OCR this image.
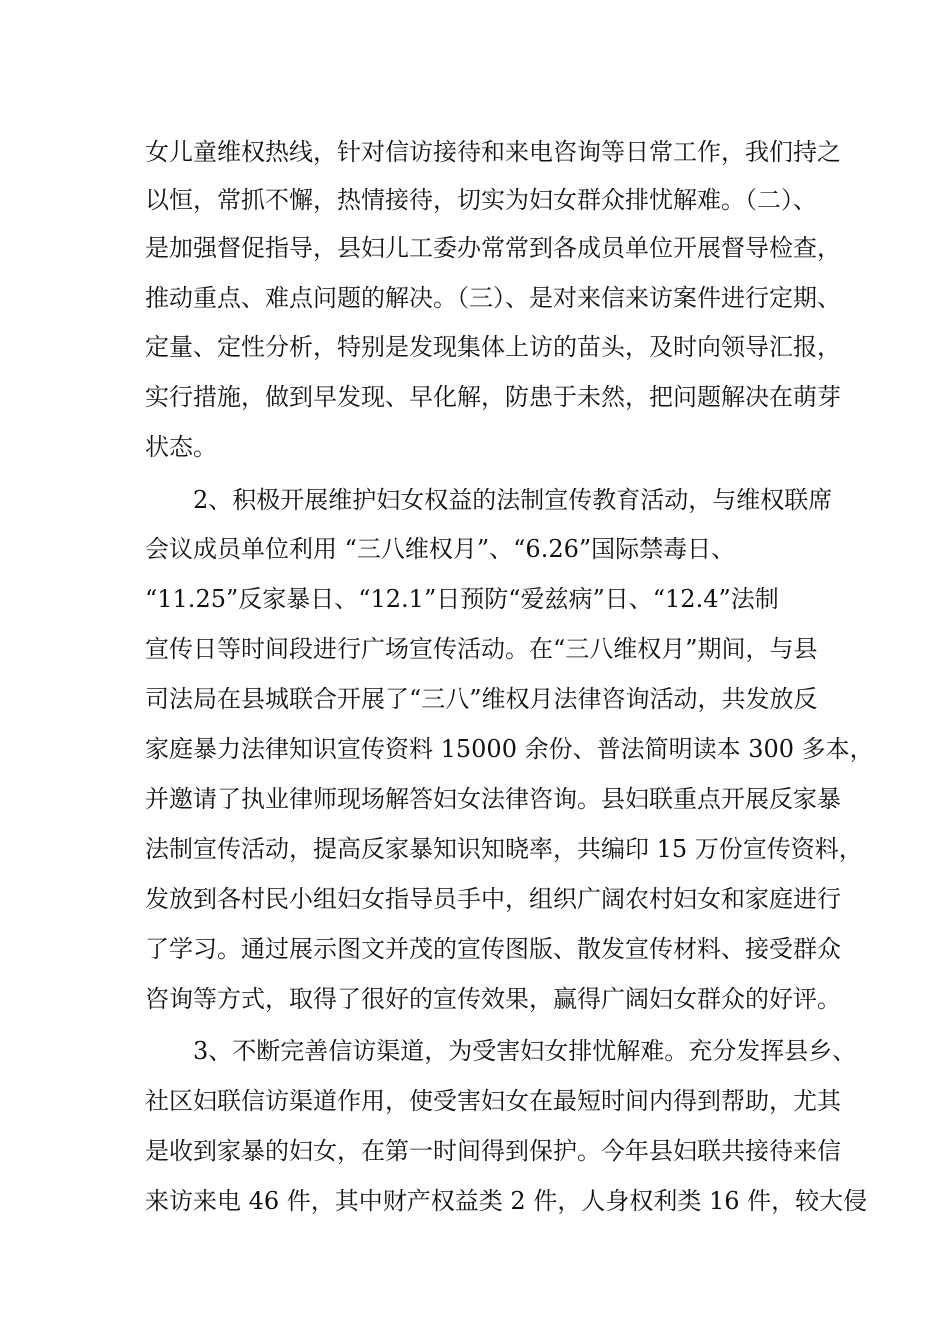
女儿童维权热线，针对信访接待和来电咨询等日常工作，我们持之
以恒，常抓不懈，热情接待，切实为妇女群众排忧解难。（二）、
是加强督促指导，县妇儿工委办常常到各成员单位开展督导检查，
推动重点、难点问题的解决。（三）、是对来信来访案件进行定期、
定量、定性分析，特别是发现集体上访的苗头，及时向领导汇报，
实行措施，做到早发现、早化解，防患于未然，把问题解决在萌芽
状态。
2、积极开展维护妇女权益的法制宣传教育活动，与维权联席
会议成员单位利用 “三八维权月”、“6.26”国际禁毒日、
“11.25”反家暴日、“12.1”日预防“爱兹病”日、“12.4”法制
宣传日等时间段进行广场宣传活动。在“三八维权月”期间，与县
司法局在县城联合开展了“三八”维权月法律咨询活动，共发放反
家庭暴力法律知识宣传资料 15000 余份、普法简明读本 300 多本，
并邀请了执业律师现场解答妇女法律咨询。县妇联重点开展反家暴
法制宣传活动，提高反家暴知识知晓率，共编印 15 万份宣传资料，
发放到各村民小组妇女指导员手中，组织广阔农村妇女和家庭进行
了学习。通过展示图文并茂的宣传图版、散发宣传材料、接受群众
咨询等方式，取得了很好的宣传效果，赢得广阔妇女群众的好评。
3、不断完善信访渠道，为受害妇女排忧解难。充分发挥县乡、
社区妇联信访渠道作用，使受害妇女在最短时间内得到帮助，尤其
是收到家暴的妇女，在第一时间得到保护。今年县妇联共接待来信
来访来电 46 件，其中财产权益类 2 件，人身权利类 16 件，较大侵
